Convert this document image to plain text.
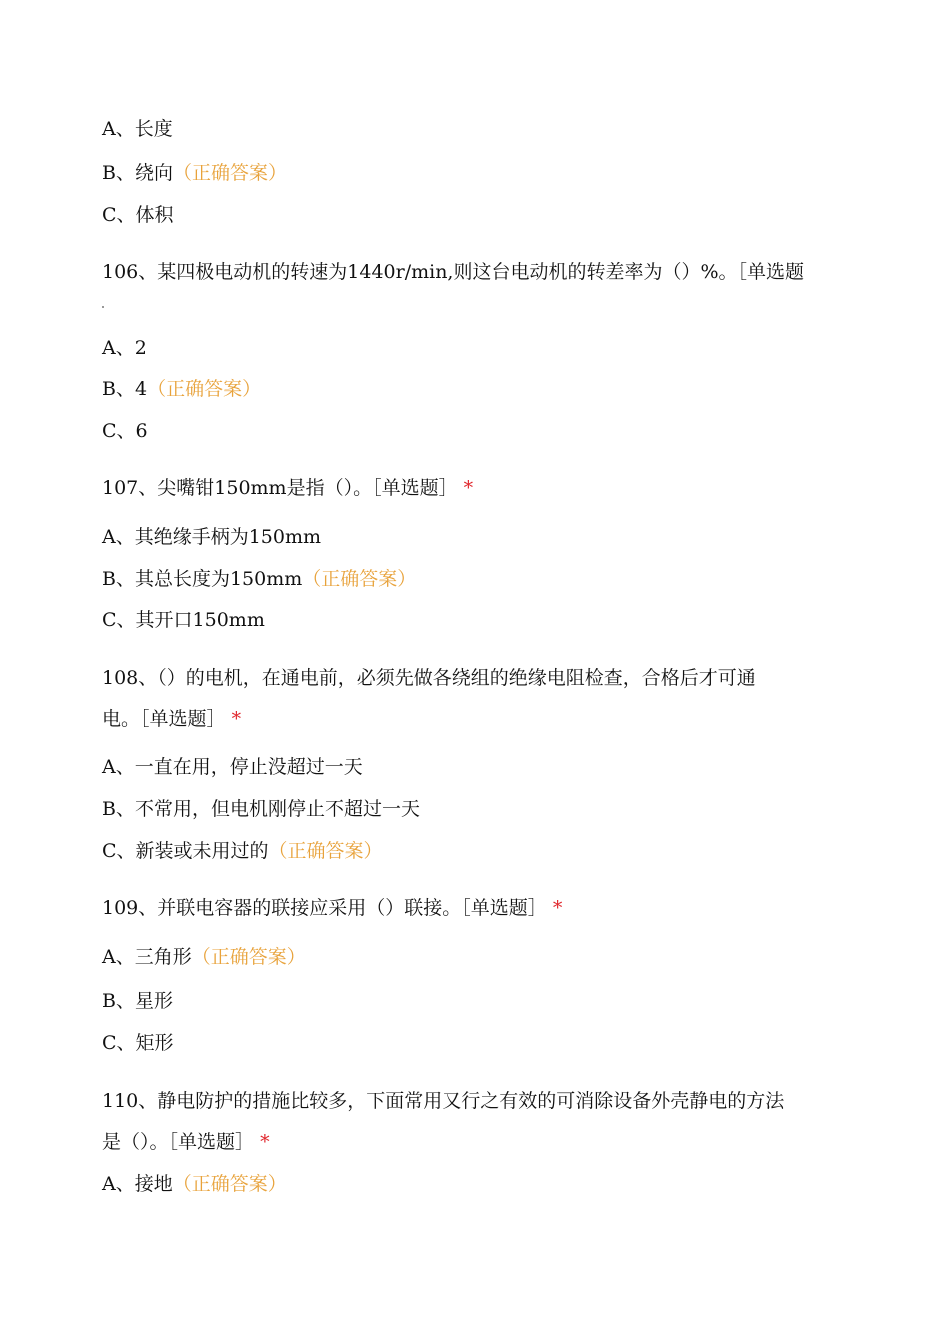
A、长度
B、绕向（正确答案）
C、体积
106、某四极电动机的转速为1440r/min,则这台电动机的转差率为（）%。［单选题
A、2
B、4（正确答案）
C、6
107、尖嘴钳150mm是指（）。［单选题］ *
A、其绝缘手柄为150mm
B、其总长度为150mm（正确答案）
C、其开口150mm
108、（）的电机，在通电前，必须先做各绕组的绝缘电阻检查，合格后才可通
电。［单选题］ *
A、一直在用，停止没超过一天
B、不常用，但电机刚停止不超过一天
C、新装或未用过的（正确答案）
109、并联电容器的联接应采用（）联接。［单选题］ *
A、三角形（正确答案）
B、星形
C、矩形
110、静电防护的措施比较多，下面常用又行之有效的可消除设备外壳静电的方法
是（）。［单选题］ *
A、接地（正确答案）
